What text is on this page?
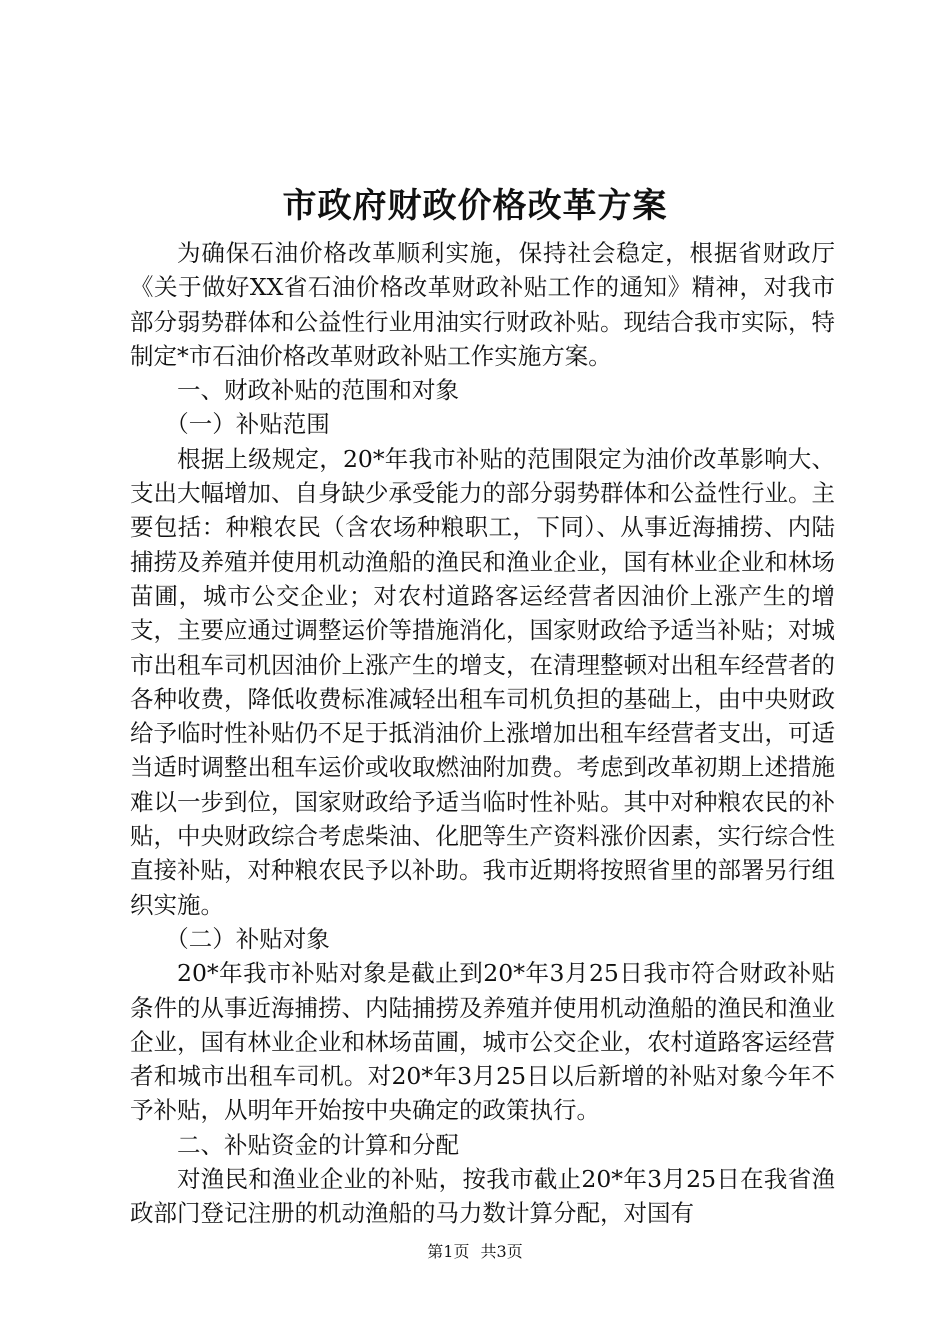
市政府财政价格改革方案

为确保石油价格改革顺利实施，保持社会稳定，根据省财政厅《关于做好XX省石油价格改革财政补贴工作的通知》精神，对我市部分弱势群体和公益性行业用油实行财政补贴。现结合我市实际，特制定*市石油价格改革财政补贴工作实施方案。

一、财政补贴的范围和对象

（一）补贴范围

根据上级规定，20*年我市补贴的范围限定为油价改革影响大、支出大幅增加、自身缺少承受能力的部分弱势群体和公益性行业。主要包括：种粮农民（含农场种粮职工，下同）、从事近海捕捞、内陆捕捞及养殖并使用机动渔船的渔民和渔业企业，国有林业企业和林场苗圃，城市公交企业；对农村道路客运经营者因油价上涨产生的增支，主要应通过调整运价等措施消化，国家财政给予适当补贴；对城市出租车司机因油价上涨产生的增支，在清理整顿对出租车经营者的各种收费，降低收费标准减轻出租车司机负担的基础上，由中央财政给予临时性补贴仍不足于抵消油价上涨增加出租车经营者支出，可适当适时调整出租车运价或收取燃油附加费。考虑到改革初期上述措施难以一步到位，国家财政给予适当临时性补贴。其中对种粮农民的补贴，中央财政综合考虑柴油、化肥等生产资料涨价因素，实行综合性直接补贴，对种粮农民予以补助。我市近期将按照省里的部署另行组织实施。

（二）补贴对象

20*年我市补贴对象是截止到20*年3月25日我市符合财政补贴条件的从事近海捕捞、内陆捕捞及养殖并使用机动渔船的渔民和渔业企业，国有林业企业和林场苗圃，城市公交企业，农村道路客运经营者和城市出租车司机。对20*年3月25日以后新增的补贴对象今年不予补贴，从明年开始按中央确定的政策执行。

二、补贴资金的计算和分配

对渔民和渔业企业的补贴，按我市截止20*年3月25日在我省渔政部门登记注册的机动渔船的马力数计算分配，对国有

第1页 共3页
